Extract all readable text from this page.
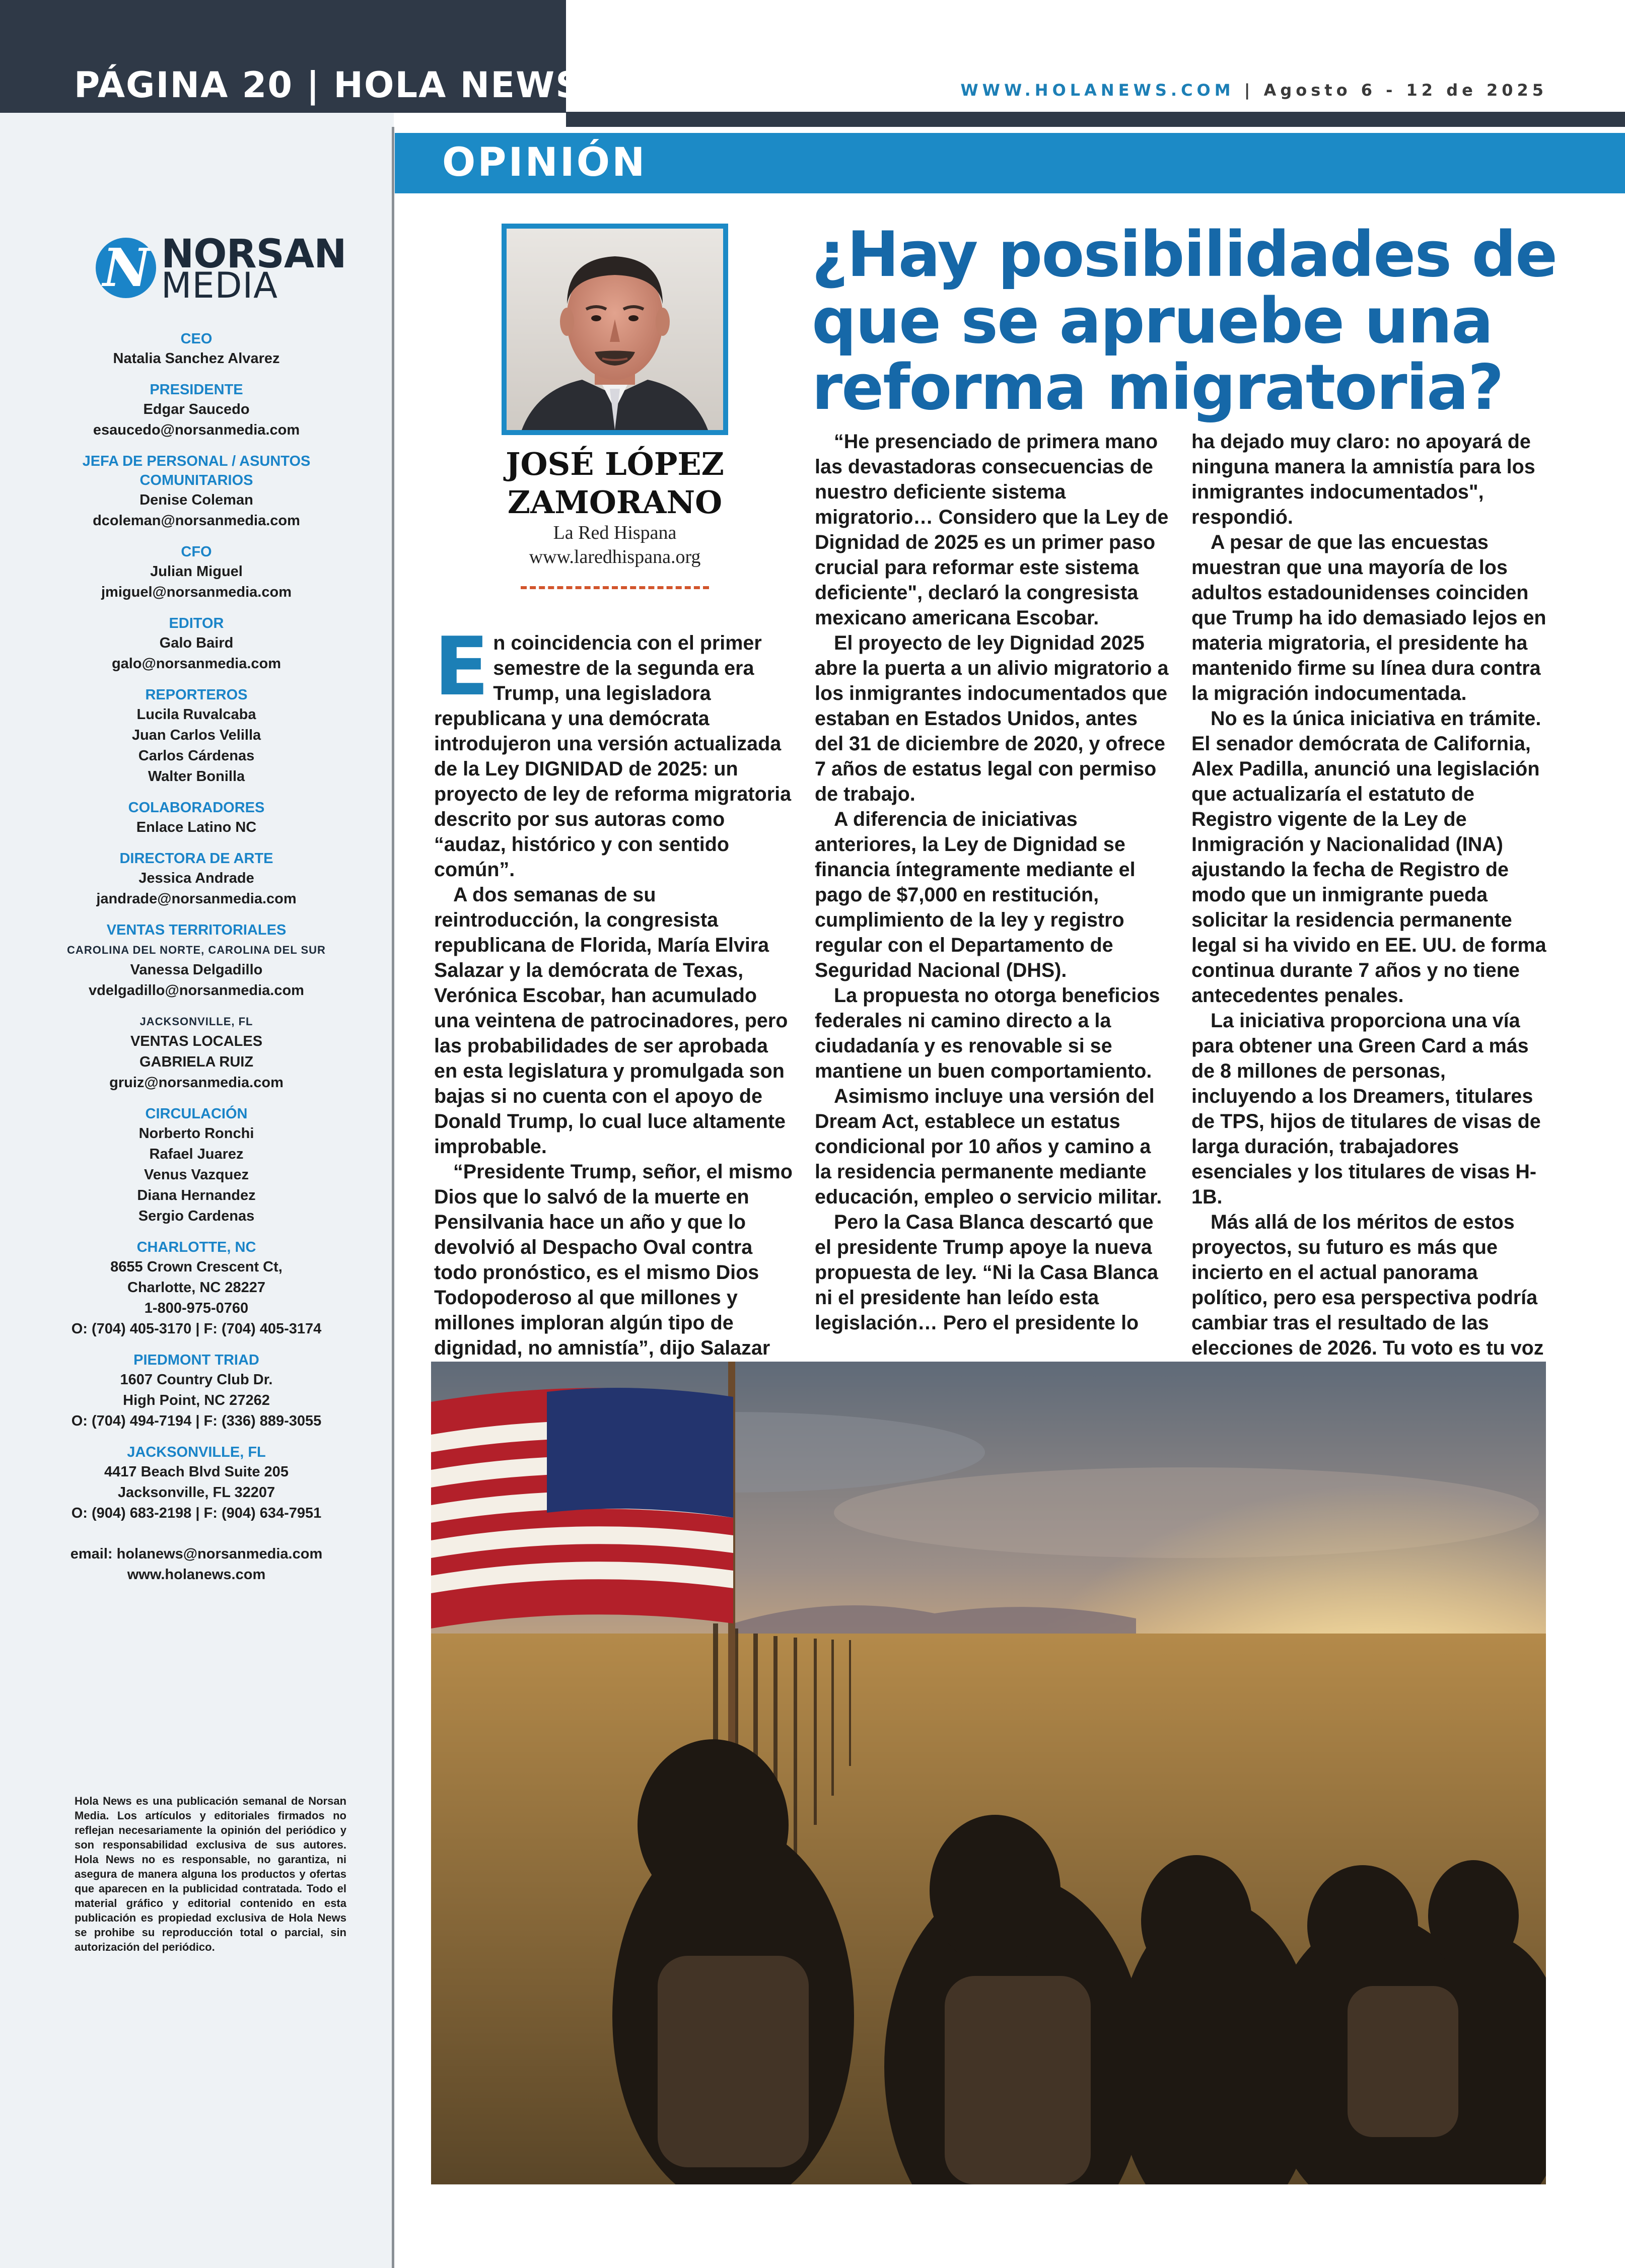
PÁGINA 20 | HOLA NEWS	WWW.HOLANEWS.COM | Agosto 6 - 12 de 2025
N NORSAN
MEDIA
CEO
Natalia Sanchez Alvarez
PRESIDENTE
Edgar Saucedo
esaucedo@norsanmedia.com
JEFA DE PERSONAL / ASUNTOS COMUNITARIOS
Denise Coleman
dcoleman@norsanmedia.com
CFO
Julian Miguel
jmiguel@norsanmedia.com
EDITOR
Galo Baird
galo@norsanmedia.com
REPORTEROS
Lucila Ruvalcaba
Juan Carlos Velilla
Carlos Cárdenas
Walter Bonilla
COLABORADORES
Enlace Latino NC
DIRECTORA DE ARTE
Jessica Andrade
jandrade@norsanmedia.com
VENTAS TERRITORIALES
CAROLINA DEL NORTE, CAROLINA DEL SUR
Vanessa Delgadillo
vdelgadillo@norsanmedia.com
JACKSONVILLE, FL
VENTAS LOCALES
GABRIELA RUIZ
gruiz@norsanmedia.com
CIRCULACIÓN
Norberto Ronchi
Rafael Juarez
Venus Vazquez
Diana Hernandez
Sergio Cardenas
CHARLOTTE, NC
8655 Crown Crescent Ct,
Charlotte, NC 28227
1-800-975-0760
O: (704) 405-3170 | F: (704) 405-3174
PIEDMONT TRIAD
1607 Country Club Dr.
High Point, NC 27262
O: (704) 494-7194 | F: (336) 889-3055
JACKSONVILLE, FL
4417 Beach Blvd Suite 205
Jacksonville, FL 32207
O: (904) 683-2198 | F: (904) 634-7951
email: holanews@norsanmedia.com
www.holanews.com
Hola News es una publicación semanal de Norsan Media. Los artículos y editoriales firmados no reflejan necesariamente la opinión del periódico y son responsabilidad exclusiva de sus autores. Hola News no es responsable, no garantiza, ni asegura de manera alguna los productos y ofertas que aparecen en la publicidad contratada. Todo el material gráfico y editorial contenido en esta publicación es propiedad exclusiva de Hola News se prohibe su reproducción total o parcial, sin autorización del periódico.
OPINIÓN
JOSÉ LÓPEZ ZAMORANO
La Red Hispana
www.laredhispana.org
¿Hay posibilidades de que se apruebe una reforma migratoria?
E n coincidencia con el primer semestre de la segunda era Trump, una legisladora republicana y una demócrata introdujeron una versión actualizada de la Ley DIGNIDAD de 2025: un proyecto de ley de reforma migratoria descrito por sus autoras como “audaz, histórico y con sentido común”.

A dos semanas de su reintroducción, la congresista republicana de Florida, María Elvira Salazar y la demócrata de Texas, Verónica Escobar, han acumulado una veintena de patrocinadores, pero las probabilidades de ser aprobada en esta legislatura y promulgada son bajas si no cuenta con el apoyo de Donald Trump, lo cual luce altamente improbable.

“Presidente Trump, señor, el mismo Dios que lo salvó de la muerte en Pensilvania hace un año y que lo devolvió al Despacho Oval contra todo pronóstico, es el mismo Dios Todopoderoso al que millones y millones imploran algún tipo de dignidad, no amnistía”, dijo Salazar

“He presenciado de primera mano las devastadoras consecuencias de nuestro deficiente sistema migratorio… Considero que la Ley de Dignidad de 2025 es un primer paso crucial para reformar este sistema deficiente", declaró la congresista mexicano americana Escobar.

El proyecto de ley Dignidad 2025 abre la puerta a un alivio migratorio a los inmigrantes indocumentados que estaban en Estados Unidos, antes del 31 de diciembre de 2020, y ofrece 7 años de estatus legal con permiso de trabajo.

A diferencia de iniciativas anteriores, la Ley de Dignidad se financia íntegramente mediante el pago de $7,000 en restitución, cumplimiento de la ley y registro regular con el Departamento de Seguridad Nacional (DHS).

La propuesta no otorga beneficios federales ni camino directo a la ciudadanía y es renovable si se mantiene un buen comportamiento.

Asimismo incluye una versión del Dream Act, establece un estatus condicional por 10 años y camino a la residencia permanente mediante educación, empleo o servicio militar.

Pero la Casa Blanca descartó que el presidente Trump apoye la nueva propuesta de ley. “Ni la Casa Blanca ni el presidente han leído esta legislación… Pero el presidente lo

ha dejado muy claro: no apoyará de ninguna manera la amnistía para los inmigrantes indocumentados", respondió.

A pesar de que las encuestas muestran que una mayoría de los adultos estadounidenses coinciden que Trump ha ido demasiado lejos en materia migratoria, el presidente ha mantenido firme su línea dura contra la migración indocumentada.

No es la única iniciativa en trámite. El senador demócrata de California, Alex Padilla, anunció una legislación que actualizaría el estatuto de Registro vigente de la Ley de Inmigración y Nacionalidad (INA) ajustando la fecha de Registro de modo que un inmigrante pueda solicitar la residencia permanente legal si ha vivido en EE. UU. de forma continua durante 7 años y no tiene antecedentes penales.

La iniciativa proporciona una vía para obtener una Green Card a más de 8 millones de personas, incluyendo a los Dreamers, titulares de TPS, hijos de titulares de visas de larga duración, trabajadores esenciales y los titulares de visas H-1B.

Más allá de los méritos de estos proyectos, su futuro es más que incierto en el actual panorama político, pero esa perspectiva podría cambiar tras el resultado de las elecciones de 2026. Tu voto es tu voz
